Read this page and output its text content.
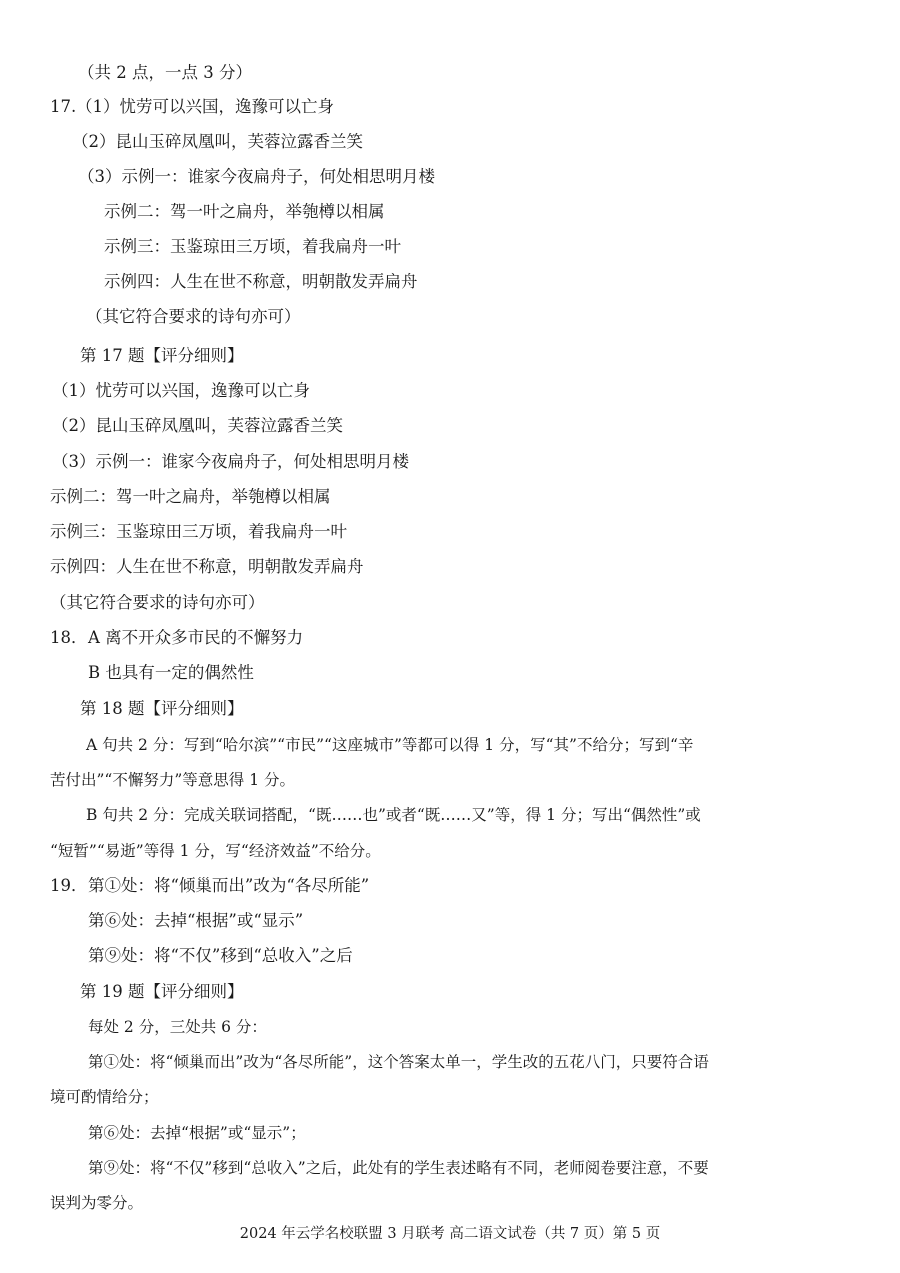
（共 2 点，一点 3 分）
17. （1）忧劳可以兴国，逸豫可以亡身
（2）昆山玉碎凤凰叫，芙蓉泣露香兰笑
（3）示例一：谁家今夜扁舟子，何处相思明月楼
示例二：驾一叶之扁舟，举匏樽以相属
示例三：玉鉴琼田三万顷，着我扁舟一叶
示例四：人生在世不称意，明朝散发弄扁舟
（其它符合要求的诗句亦可）
第 17 题【评分细则】
（1）忧劳可以兴国，逸豫可以亡身
（2）昆山玉碎凤凰叫，芙蓉泣露香兰笑
（3）示例一：谁家今夜扁舟子，何处相思明月楼
示例二：驾一叶之扁舟，举匏樽以相属
示例三：玉鉴琼田三万顷，着我扁舟一叶
示例四：人生在世不称意，明朝散发弄扁舟
（其它符合要求的诗句亦可）
18． A 离不开众多市民的不懈努力
B 也具有一定的偶然性
第 18 题【评分细则】
A 句共 2 分：写到“哈尔滨”“市民”“这座城市”等都可以得 1 分，写“其”不给分；写到“辛
苦付出”“不懈努力”等意思得 1 分。
B 句共 2 分：完成关联词搭配，“既……也”或者“既……又”等，得 1 分；写出“偶然性”或
“短暂”“易逝”等得 1 分，写“经济效益”不给分。
19． 第①处：将“倾巢而出”改为“各尽所能”
第⑥处：去掉“根据”或“显示”
第⑨处：将“不仅”移到“总收入”之后
第 19 题【评分细则】
每处 2 分，三处共 6 分：
第①处：将“倾巢而出”改为“各尽所能”，这个答案太单一，学生改的五花八门，只要符合语
境可酌情给分；
第⑥处：去掉“根据”或“显示”；
第⑨处：将“不仅”移到“总收入”之后，此处有的学生表述略有不同，老师阅卷要注意，不要
误判为零分。
2024 年云学名校联盟 3 月联考 高二语文试卷（共 7 页）第 5 页
